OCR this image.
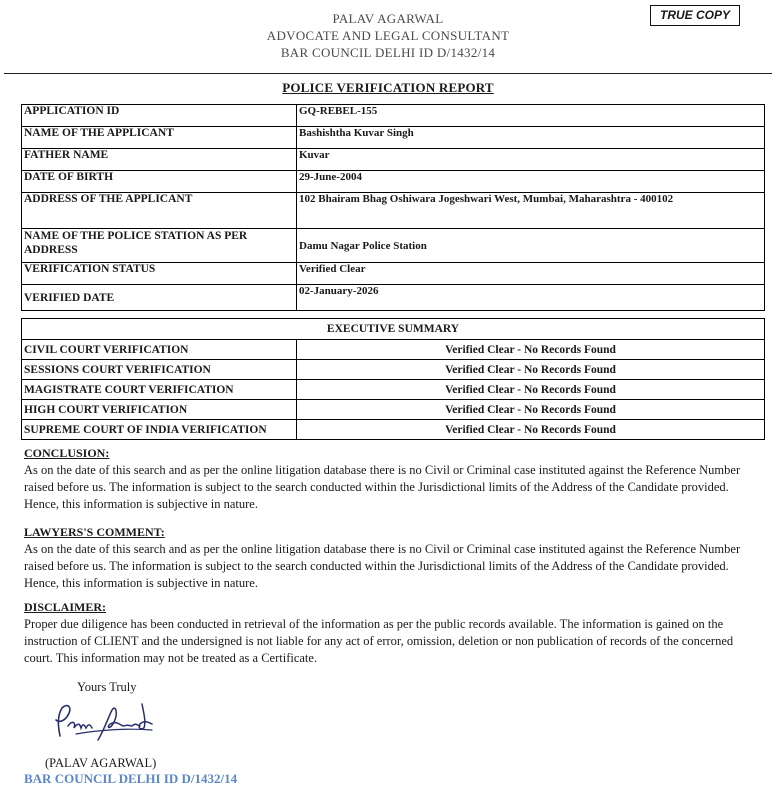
PALAV AGARWAL
ADVOCATE AND LEGAL CONSULTANT
BAR COUNCIL DELHI ID D/1432/14
TRUE COPY
POLICE VERIFICATION REPORT
APPLICATION ID	GQ-REBEL-155
NAME OF THE APPLICANT	Bashishtha Kuvar Singh
FATHER NAME	Kuvar
DATE OF BIRTH	29-June-2004
ADDRESS OF THE APPLICANT	102 Bhairam Bhag Oshiwara Jogeshwari West, Mumbai, Maharashtra - 400102
NAME OF THE POLICE STATION AS PER ADDRESS	Damu Nagar Police Station
VERIFICATION STATUS	Verified Clear
VERIFIED DATE	02-January-2026
EXECUTIVE SUMMARY	
CIVIL COURT VERIFICATION	Verified Clear - No Records Found
SESSIONS COURT VERIFICATION	Verified Clear - No Records Found
MAGISTRATE COURT VERIFICATION	Verified Clear - No Records Found
HIGH COURT VERIFICATION	Verified Clear - No Records Found
SUPREME COURT OF INDIA VERIFICATION	Verified Clear - No Records Found
CONCLUSION:
As on the date of this search and as per the online litigation database there is no Civil or Criminal case instituted against the Reference Number raised before us. The information is subject to the search conducted within the Jurisdictional limits of the Address of the Candidate provided. Hence, this information is subjective in nature.
LAWYERS'S COMMENT:
As on the date of this search and as per the online litigation database there is no Civil or Criminal case instituted against the Reference Number raised before us. The information is subject to the search conducted within the Jurisdictional limits of the Address of the Candidate provided. Hence, this information is subjective in nature.
DISCLAIMER:
Proper due diligence has been conducted in retrieval of the information as per the public records available. The information is gained on the instruction of CLIENT and the undersigned is not liable for any act of error, omission, deletion or non publication of records of the concerned court. This information may not be treated as a Certificate.
Yours Truly
(PALAV AGARWAL)
BAR COUNCIL DELHI ID D/1432/14
